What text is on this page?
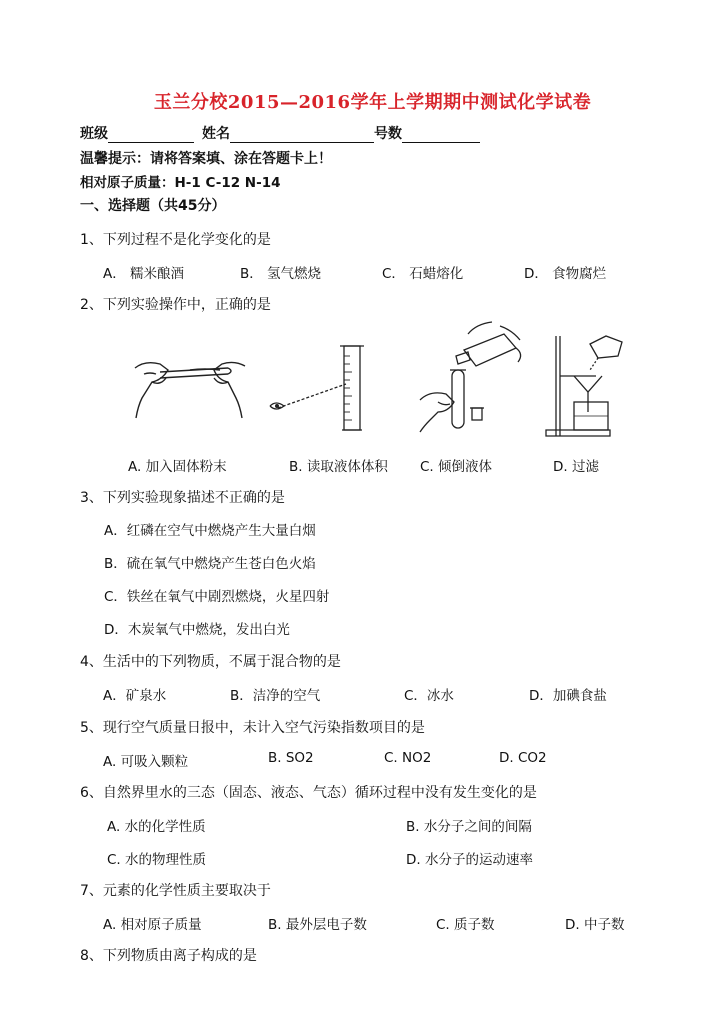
玉兰分校2015—2016学年上学期期中测试化学试卷
班级	姓名	号数
温馨提示：请将答案填、涂在答题卡上！
相对原子质量：H-1 C-12 N-14
一、选择题（共45分）
1、下列过程不是化学变化的是
A． 糯米酿酒	B． 氢气燃烧	C． 石蜡熔化	D． 食物腐烂
2、下列实验操作中，正确的是
A. 加入固体粉末	B. 读取液体体积 C. 倾倒液体	D. 过滤
3、下列实验现象描述不正确的是
A．红磷在空气中燃烧产生大量白烟
B．硫在氧气中燃烧产生苍白色火焰
C．铁丝在氧气中剧烈燃烧，火星四射
D．木炭氧气中燃烧，发出白光
4、生活中的下列物质，不属于混合物的是
A．矿泉水	B．洁净的空气	C．冰水	D．加碘食盐
5、现行空气质量日报中，未计入空气污染指数项目的是
A. 可吸入颗粒	B. SO2	C. NO2	D. CO2
6、自然界里水的三态（固态、液态、气态）循环过程中没有发生变化的是
A. 水的化学性质	B. 水分子之间的间隔
C. 水的物理性质	D. 水分子的运动速率
7、元素的化学性质主要取决于
A. 相对原子质量	B. 最外层电子数	C. 质子数	D. 中子数
8、下列物质由离子构成的是
